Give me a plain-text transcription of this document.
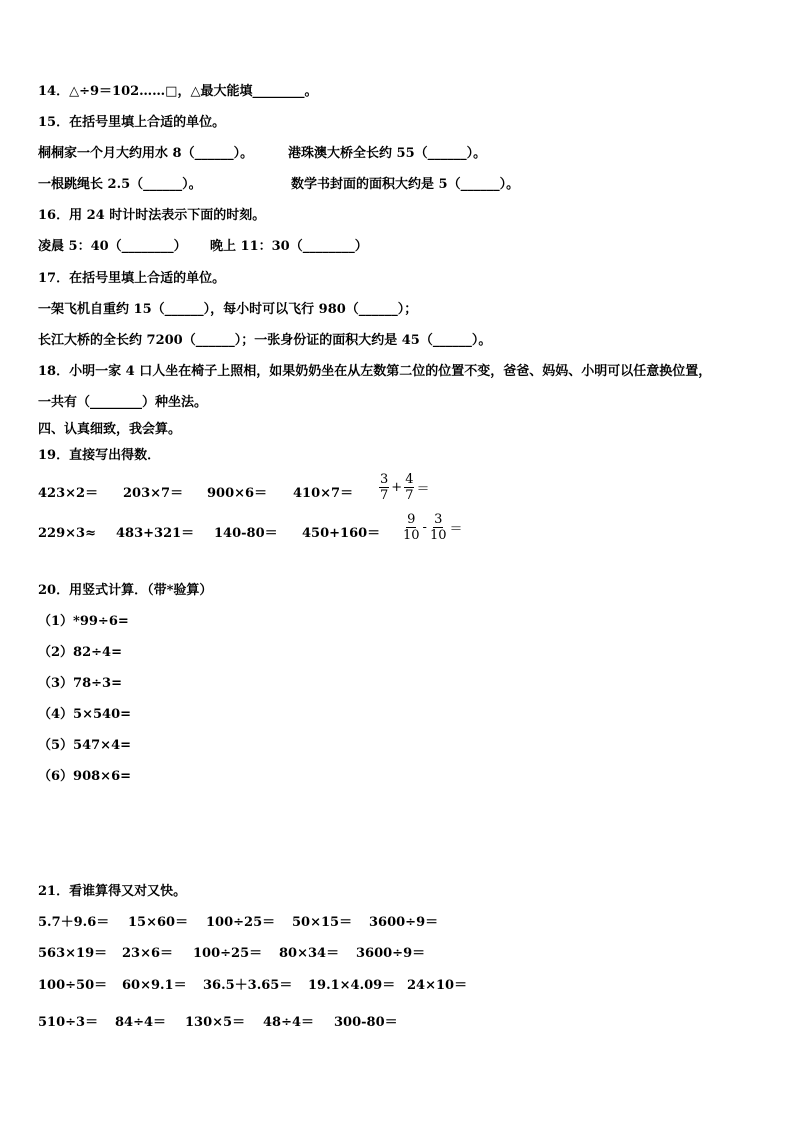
14．△÷9＝102……□，△最大能填________。
15．在括号里填上合适的单位。
桐桐家一个月大约用水 8（______）。	港珠澳大桥全长约 55（______）。
一根跳绳长 2.5（______）。	数学书封面的面积大约是 5（______）。
16．用 24 时计时法表示下面的时刻。
凌晨 5：40（________） 晚上 11：30（________）
17．在括号里填上合适的单位。
一架飞机自重约 15（______），每小时可以飞行 980（______）；
长江大桥的全长约 7200（______）；一张身份证的面积大约是 45（______）。
18．小明一家 4 口人坐在椅子上照相，如果奶奶坐在从左数第二位的位置不变，爸爸、妈妈、小明可以任意换位置，
一共有（________）种坐法。
四、认真细致，我会算。
19．直接写出得数．
$423\times 2= 203\times 7= 900\times 6= 410\times 7= \frac{3}{7} + \frac{4}{7}$ ＝
$229\times 3\approx 483+321= 140-80= 450+160= \frac{9}{10} - \frac{3}{10}$ ＝
20．用竖式计算．（带*验算）
（1）*99÷6=
（2）82÷4=
（3）78÷3=
（4）5×540=
（5）547×4=
（6）908×6=
21．看谁算得又对又快。
5.7＋9.6＝ 15×60＝ 100÷25＝ 50×15＝ 3600÷9＝
563×19＝ 23×6＝ 100÷25＝ 80×34＝ 3600÷9＝
100÷50＝ 60×9.1＝ 36.5＋3.65＝ 19.1×4.09＝ 24×10＝
510÷3＝ 84÷4＝ 130×5＝ 48÷4＝ 300-80＝
